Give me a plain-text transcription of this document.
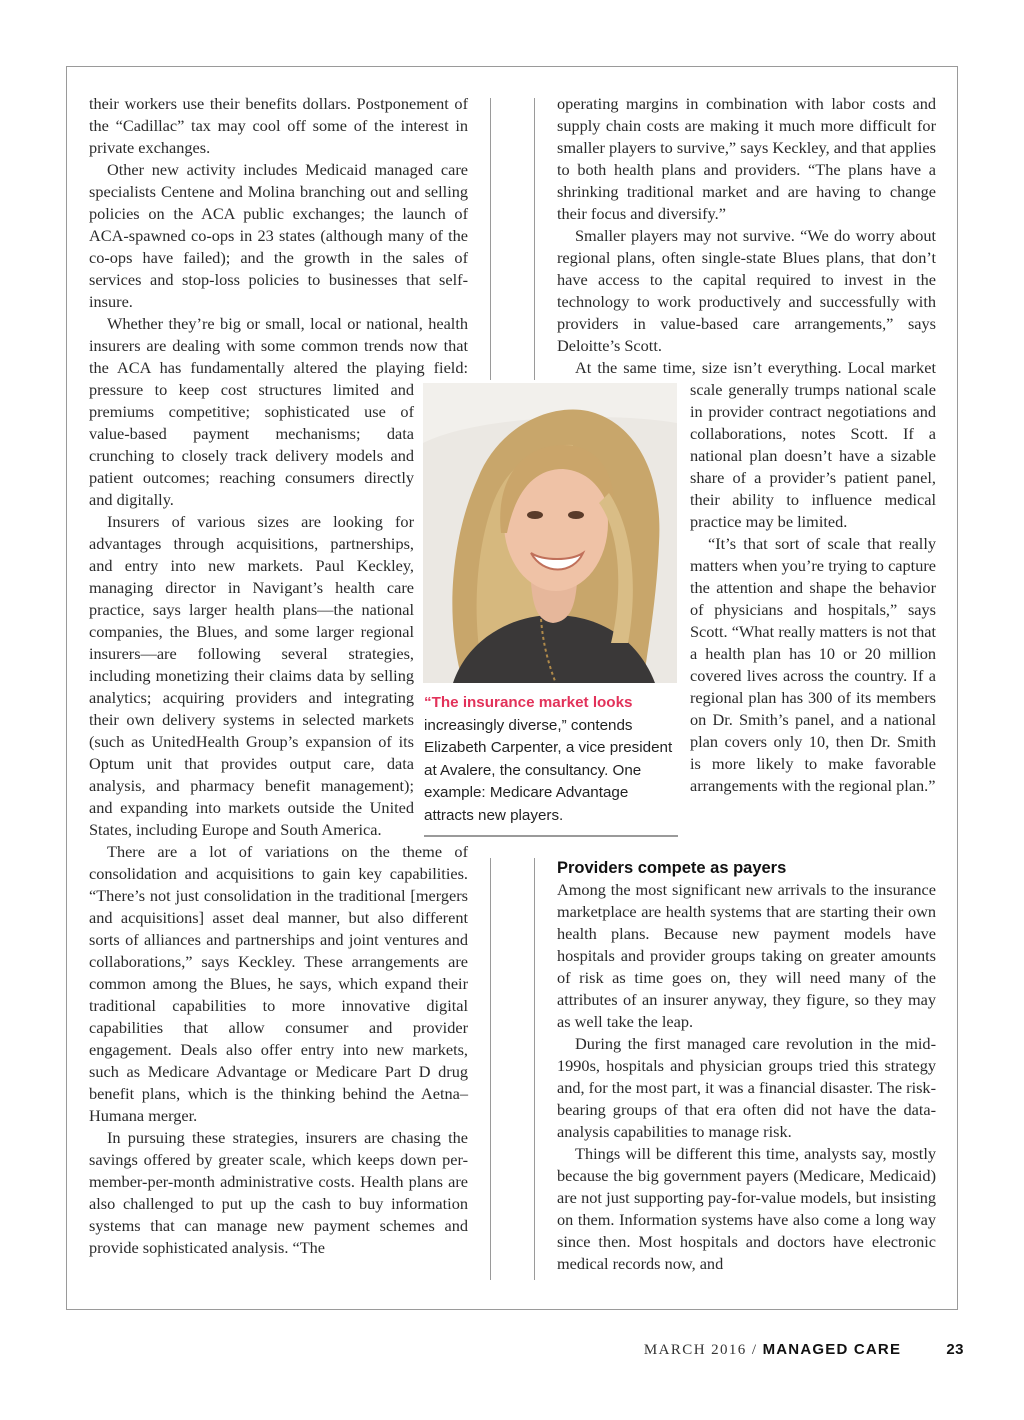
their workers use their benefits dollars. Postponement of the “Cadillac” tax may cool off some of the interest in private exchanges.

Other new activity includes Medicaid managed care specialists Centene and Molina branching out and selling policies on the ACA public exchanges; the launch of ACA-spawned co-ops in 23 states (although many of the co-ops have failed); and the growth in the sales of services and stop-loss policies to businesses that self-insure.

Whether they’re big or small, local or national, health insurers are dealing with some common trends now that the ACA has fundamentally altered the playing field: pressure to keep cost structures limited and premiums competitive; sophisticated use of value-based payment mechanisms; data crunching to closely track delivery models and patient outcomes; reaching consumers directly and digitally.

Insurers of various sizes are looking for advantages through acquisitions, partnerships, and entry into new markets. Paul Keckley, managing director in Navigant’s health care practice, says larger health plans—the national companies, the Blues, and some larger regional insurers—are following several strategies, including monetizing their claims data by selling analytics; acquiring providers and integrating their own delivery systems in selected markets (such as UnitedHealth Group’s expansion of its Optum unit that provides output care, data analysis, and pharmacy benefit management); and expanding into markets outside the United States, including Europe and South America.

There are a lot of variations on the theme of consolidation and acquisitions to gain key capabilities. “There’s not just consolidation in the traditional [mergers and acquisitions] asset deal manner, but also different sorts of alliances and partnerships and joint ventures and collaborations,” says Keckley. These arrangements are common among the Blues, he says, which expand their traditional capabilities to more innovative digital capabilities that allow consumer and provider engagement. Deals also offer entry into new markets, such as Medicare Advantage or Medicare Part D drug benefit plans, which is the thinking behind the Aetna–Humana merger.

In pursuing these strategies, insurers are chasing the savings offered by greater scale, which keeps down per-member-per-month administrative costs. Health plans are also challenged to put up the cash to buy information systems that can manage new payment schemes and provide sophisticated analysis. “The

operating margins in combination with labor costs and supply chain costs are making it much more difficult for smaller players to survive,” says Keckley, and that applies to both health plans and providers. “The plans have a shrinking traditional market and are having to change their focus and diversify.”

Smaller players may not survive. “We do worry about regional plans, often single-state Blues plans, that don’t have access to the capital required to invest in the technology to work productively and successfully with providers in value-based care arrangements,” says Deloitte’s Scott.

At the same time, size isn’t everything. Local market scale generally trumps national scale in provider contract negotiations and collaborations, notes Scott. If a national plan doesn’t have a sizable share of a provider’s patient panel, their ability to influence medical practice may be limited.

“It’s that sort of scale that really matters when you’re trying to capture the attention and shape the behavior of physicians and hospitals,” says Scott. “What really matters is not that a health plan has 10 or 20 million covered lives across the country. If a regional plan has 300 of its members on Dr. Smith’s panel, and a national plan covers only 10, then Dr. Smith is more likely to make favorable arrangements with the regional plan.”

Providers compete as payers

Among the most significant new arrivals to the insurance marketplace are health systems that are starting their own health plans. Because new payment models have hospitals and provider groups taking on greater amounts of risk as time goes on, they will need many of the attributes of an insurer anyway, they figure, so they may as well take the leap.

During the first managed care revolution in the mid-1990s, hospitals and physician groups tried this strategy and, for the most part, it was a financial disaster. The risk-bearing groups of that era often did not have the data-analysis capabilities to manage risk.

Things will be different this time, analysts say, mostly because the big government payers (Medicare, Medicaid) are not just supporting pay-for-value models, but insisting on them. Information systems have also come a long way since then. Most hospitals and doctors have electronic medical records now, and

“The insurance market looks
increasingly diverse,” contends Elizabeth Carpenter, a vice president at Avalere, the consultancy. One example: Medicare Advantage attracts new players.
MARCH 2016 / MANAGED CARE	23
